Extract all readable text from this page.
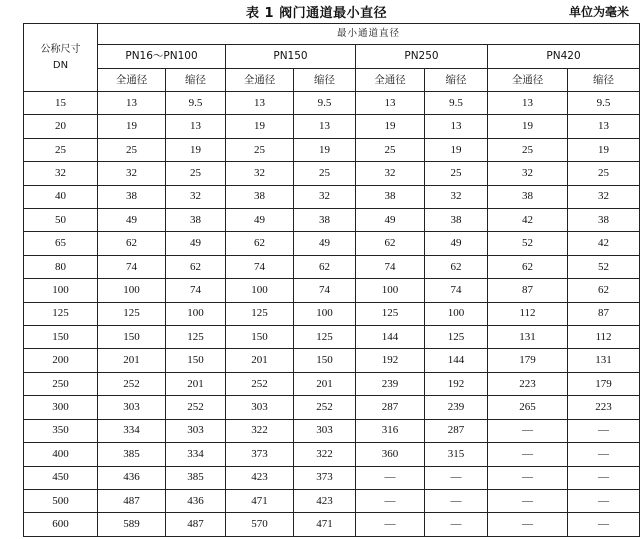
表 1 阀门通道最小直径	单位为毫米
公称尺寸
DN	最小通道直径							
	PN16～PN100		PN150		PN250		PN420	
	全通径	缩径	全通径	缩径	全通径	缩径	全通径	缩径
15	13	9.5	13	9.5	13	9.5	13	9.5
20	19	13	19	13	19	13	19	13
25	25	19	25	19	25	19	25	19
32	32	25	32	25	32	25	32	25
40	38	32	38	32	38	32	38	32
50	49	38	49	38	49	38	42	38
65	62	49	62	49	62	49	52	42
80	74	62	74	62	74	62	62	52
100	100	74	100	74	100	74	87	62
125	125	100	125	100	125	100	112	87
150	150	125	150	125	144	125	131	112
200	201	150	201	150	192	144	179	131
250	252	201	252	201	239	192	223	179
300	303	252	303	252	287	239	265	223
350	334	303	322	303	316	287	—	—
400	385	334	373	322	360	315	—	—
450	436	385	423	373	—	—	—	—
500	487	436	471	423	—	—	—	—
600	589	487	570	471	—	—	—	—
